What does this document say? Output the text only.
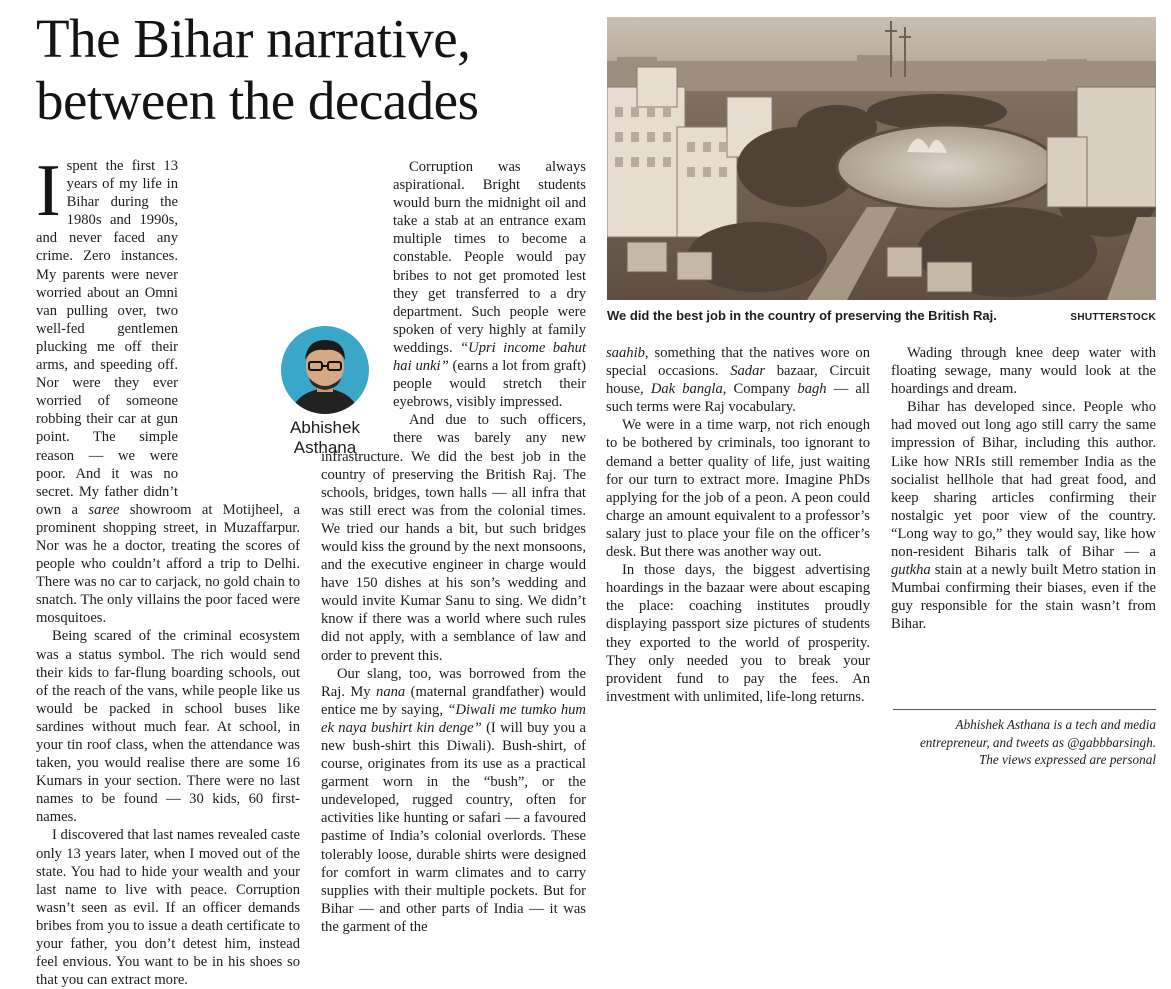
The Bihar narrative,
between the decades
We did the best job in the country of preserving the British Raj.	SHUTTERSTOCK
Abhishek
Asthana

Ispent the first 13 years of my life in Bihar during the 1980s and 1990s, and never faced any crime. Zero instances. My parents were never worried about an Omni van pulling over, two well-fed gentlemen plucking me off their arms, and speeding off. Nor were they ever worried of someone robbing their car at gun point. The simple reason — we were poor. And it was no secret. My father didn’t own a saree showroom at Motijheel, a prominent shopping street, in Muzaffarpur. Nor was he a doctor, treating the scores of people who couldn’t afford a trip to Delhi. There was no car to carjack, no gold chain to snatch. The only villains the poor faced were mosquitoes.

Being scared of the criminal ecosystem was a status symbol. The rich would send their kids to far-flung boarding schools, out of the reach of the vans, while people like us would be packed in school buses like sardines without much fear. At school, in your tin roof class, when the attendance was taken, you would realise there are some 16 Kumars in your section. There were no last names to be found — 30 kids, 60 first-names.

I discovered that last names revealed caste only 13 years later, when I moved out of the state. You had to hide your wealth and your last name to live with peace. Corruption wasn’t seen as evil. If an officer demands bribes from you to issue a death certificate to your father, you don’t detest him, instead feel envious. You want to be in his shoes so that you can extract more.

Corruption was always aspirational. Bright students would burn the midnight oil and take a stab at an entrance exam multiple times to become a constable. People would pay bribes to not get promoted lest they get transferred to a dry department. Such people were spoken of very highly at family weddings. “Upri income bahut hai unki” (earns a lot from graft) people would stretch their eyebrows, visibly impressed.

And due to such officers, there was barely any new infrastructure. We did the best job in the country of preserving the British Raj. The schools, bridges, town halls — all infra that was still erect was from the colonial times. We tried our hands a bit, but such bridges would kiss the ground by the next monsoons, and the executive engineer in charge would have 150 dishes at his son’s wedding and would invite Kumar Sanu to sing. We didn’t know if there was a world where such rules did not apply, with a semblance of law and order to prevent this.

Our slang, too, was borrowed from the Raj. My nana (maternal grandfather) would entice me by saying, “Diwali me tumko hum ek naya bushirt kin denge” (I will buy you a new bush-shirt this Diwali). Bush-shirt, of course, originates from its use as a practical garment worn in the “bush”, or the undeveloped, rugged country, often for activities like hunting or safari — a favoured pastime of India’s colonial overlords. These tolerably loose, durable shirts were designed for comfort in warm climates and to carry supplies with their multiple pockets. But for Bihar — and other parts of India — it was the garment of the

saahib, something that the natives wore on special occasions. Sadar bazaar, Circuit house, Dak bangla, Company bagh — all such terms were Raj vocabulary.

We were in a time warp, not rich enough to be bothered by criminals, too ignorant to demand a better quality of life, just waiting for our turn to extract more. Imagine PhDs applying for the job of a peon. A peon could charge an amount equivalent to a professor’s salary just to place your file on the officer’s desk. But there was another way out.

In those days, the biggest advertising hoardings in the bazaar were about escaping the place: coaching institutes proudly displaying passport size pictures of students they exported to the world of prosperity. They only needed you to break your provident fund to pay the fees. An investment with unlimited, life-long returns.

Wading through knee deep water with floating sewage, many would look at the hoardings and dream.

Bihar has developed since. People who had moved out long ago still carry the same impression of Bihar, including this author. Like how NRIs still remember India as the socialist hellhole that had great food, and keep sharing articles confirming their nostalgic yet poor view of the country. “Long way to go,” they would say, like how non-resident Biharis talk of Bihar — a gutkha stain at a newly built Metro station in Mumbai confirming their biases, even if the guy responsible for the stain wasn’t from Bihar.

Abhishek Asthana is a tech and media
entrepreneur, and tweets as @gabbbarsingh.
The views expressed are personal
